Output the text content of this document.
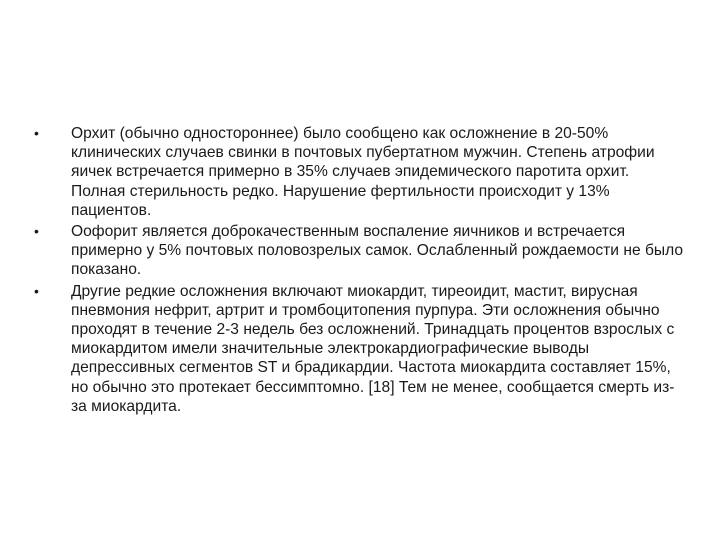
•	Орхит (обычно одностороннее) было сообщено как осложнение в 20-50% клинических случаев свинки в почтовых пубертатном мужчин. Степень атрофии яичек встречается примерно в 35% случаев эпидемического паротита орхит. Полная стерильность редко. Нарушение фертильности происходит у 13% пациентов.
•	Оофорит является доброкачественным воспаление яичников и встречается примерно у 5% почтовых половозрелых самок. Ослабленный рождаемости не было показано.
•	Другие редкие осложнения включают миокардит, тиреоидит, мастит, вирусная пневмония нефрит, артрит и тромбоцитопения пурпура. Эти осложнения обычно проходят в течение 2-3 недель без осложнений. Тринадцать процентов взрослых с миокардитом имели значительные электрокардиографические выводы депрессивных сегментов ST и брадикардии. Частота миокардита составляет 15%, но обычно это протекает бессимптомно. [18] Тем не менее, сообщается смерть из-за миокардита.
